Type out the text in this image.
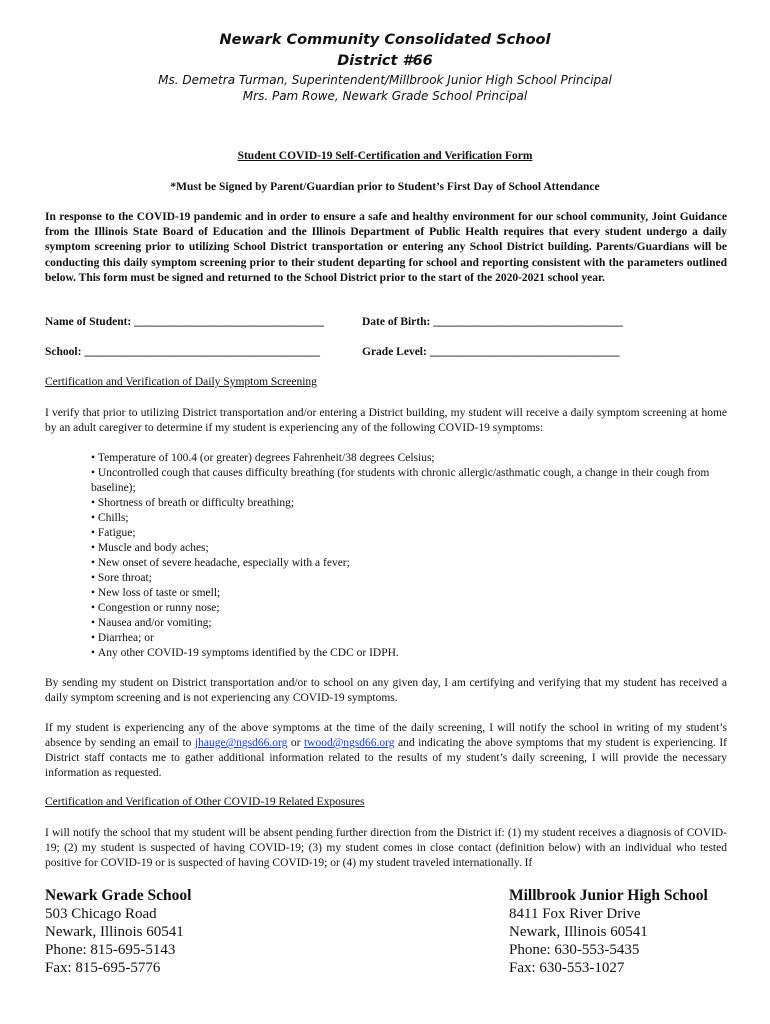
Newark Community Consolidated School
District #66
Ms. Demetra Turman, Superintendent/Millbrook Junior High School Principal
Mrs. Pam Rowe, Newark Grade School Principal
Student COVID-19 Self-Certification and Verification Form
*Must be Signed by Parent/Guardian prior to Student’s First Day of School Attendance
In response to the COVID-19 pandemic and in order to ensure a safe and healthy environment for our school community, Joint Guidance from the Illinois State Board of Education and the Illinois Department of Public Health requires that every student undergo a daily symptom screening prior to utilizing School District transportation or entering any School District building. Parents/Guardians will be conducting this daily symptom screening prior to their student departing for school and reporting consistent with the parameters outlined below. This form must be signed and returned to the School District prior to the start of the 2020-2021 school year.
Name of Student: _________________________________	Date of Birth: _________________________________
School: _________________________________________	Grade Level: _________________________________
Certification and Verification of Daily Symptom Screening
I verify that prior to utilizing District transportation and/or entering a District building, my student will receive a daily symptom screening at home by an adult caregiver to determine if my student is experiencing any of the following COVID-19 symptoms:
• Temperature of 100.4 (or greater) degrees Fahrenheit/38 degrees Celsius;
• Uncontrolled cough that causes difficulty breathing (for students with chronic allergic/asthmatic cough, a change in their cough from baseline);
• Shortness of breath or difficulty breathing;
• Chills;
• Fatigue;
• Muscle and body aches;
• New onset of severe headache, especially with a fever;
• Sore throat;
• New loss of taste or smell;
• Congestion or runny nose;
• Nausea and/or vomiting;
• Diarrhea; or
• Any other COVID-19 symptoms identified by the CDC or IDPH.
By sending my student on District transportation and/or to school on any given day, I am certifying and verifying that my student has received a daily symptom screening and is not experiencing any COVID-19 symptoms.
If my student is experiencing any of the above symptoms at the time of the daily screening, I will notify the school in writing of my student’s absence by sending an email to jhauge@ngsd66.org or twood@ngsd66.org and indicating the above symptoms that my student is experiencing. If District staff contacts me to gather additional information related to the results of my student’s daily screening, I will provide the necessary information as requested.
Certification and Verification of Other COVID-19 Related Exposures
I will notify the school that my student will be absent pending further direction from the District if: (1) my student receives a diagnosis of COVID-19; (2) my student is suspected of having COVID-19; (3) my student comes in close contact (definition below) with an individual who tested positive for COVID-19 or is suspected of having COVID-19; or (4) my student traveled internationally. If
Newark Grade School
503 Chicago Road
Newark, Illinois 60541
Phone: 815-695-5143
Fax: 815-695-5776
Millbrook Junior High School
8411 Fox River Drive
Newark, Illinois 60541
Phone: 630-553-5435
Fax: 630-553-1027
